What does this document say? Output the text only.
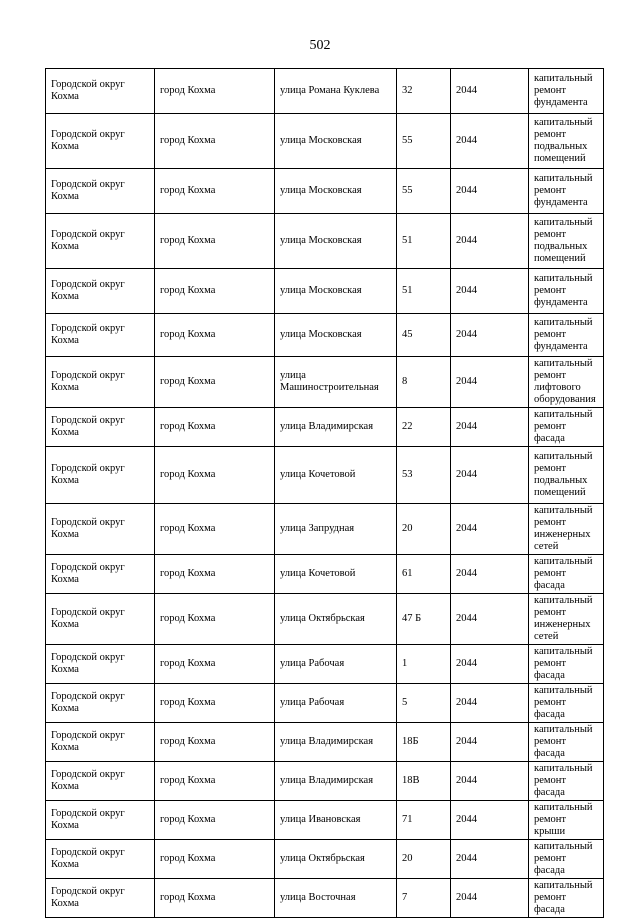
502
Городской округ Кохма	город Кохма	улица Романа Куклева	32	2044	капитальный ремонт фундамента
Городской округ Кохма	город Кохма	улица Московская	55	2044	капитальный ремонт подвальных помещений
Городской округ Кохма	город Кохма	улица Московская	55	2044	капитальный ремонт фундамента
Городской округ Кохма	город Кохма	улица Московская	51	2044	капитальный ремонт подвальных помещений
Городской округ Кохма	город Кохма	улица Московская	51	2044	капитальный ремонт фундамента
Городской округ Кохма	город Кохма	улица Московская	45	2044	капитальный ремонт фундамента
Городской округ Кохма	город Кохма	улица Машиностроительная	8	2044	капитальный ремонт лифтового оборудования
Городской округ Кохма	город Кохма	улица Владимирская	22	2044	капитальный ремонт фасада
Городской округ Кохма	город Кохма	улица Кочетовой	53	2044	капитальный ремонт подвальных помещений
Городской округ Кохма	город Кохма	улица Запрудная	20	2044	капитальный ремонт инженерных сетей
Городской округ Кохма	город Кохма	улица Кочетовой	61	2044	капитальный ремонт фасада
Городской округ Кохма	город Кохма	улица Октябрьская	47 Б	2044	капитальный ремонт инженерных сетей
Городской округ Кохма	город Кохма	улица Рабочая	1	2044	капитальный ремонт фасада
Городской округ Кохма	город Кохма	улица Рабочая	5	2044	капитальный ремонт фасада
Городской округ Кохма	город Кохма	улица Владимирская	18Б	2044	капитальный ремонт фасада
Городской округ Кохма	город Кохма	улица Владимирская	18В	2044	капитальный ремонт фасада
Городской округ Кохма	город Кохма	улица Ивановская	71	2044	капитальный ремонт крыши
Городской округ Кохма	город Кохма	улица Октябрьская	20	2044	капитальный ремонт фасада
Городской округ Кохма	город Кохма	улица Восточная	7	2044	капитальный ремонт фасада
